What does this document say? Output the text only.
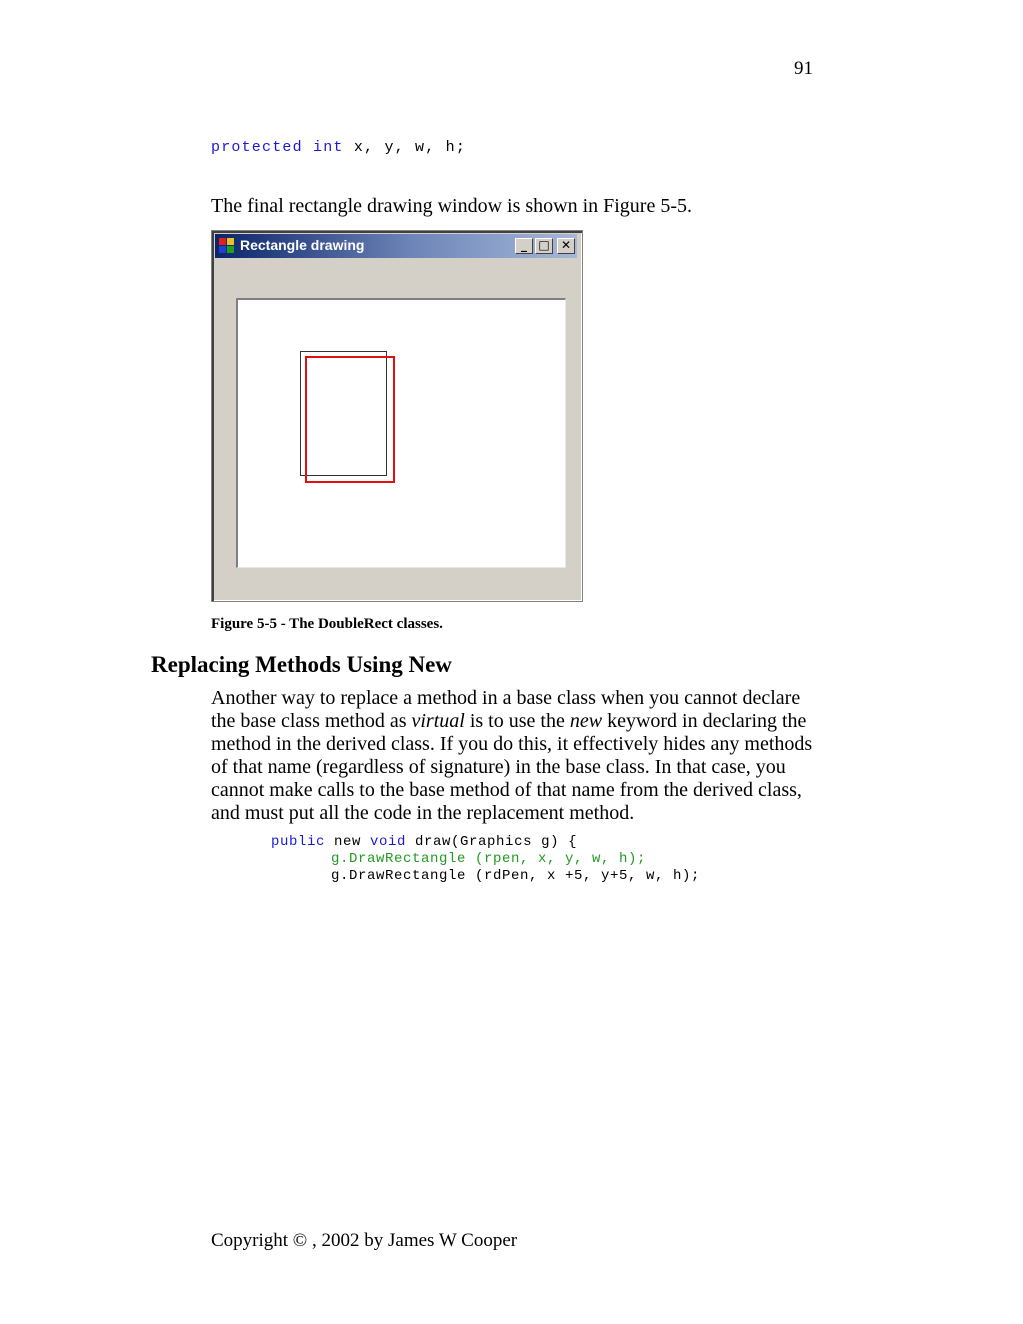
91
protected int x, y, w, h;
The final rectangle drawing window is shown in Figure 5-5.
Rectangle drawing	_ □ ✕
Figure 5-5 - The DoubleRect classes.
Replacing Methods Using New
Another way to replace a method in a base class when you cannot declare the base class method as virtual is to use the new keyword in declaring the method in the derived class. If you do this, it effectively hides any methods of that name (regardless of signature) in the base class. In that case, you cannot make calls to the base method of that name from the derived class, and must put all the code in the replacement method.
public new void draw(Graphics g) {
g.DrawRectangle (rpen, x, y, w, h);
g.DrawRectangle (rdPen, x +5, y+5, w, h);
Copyright © , 2002 by James W Cooper
